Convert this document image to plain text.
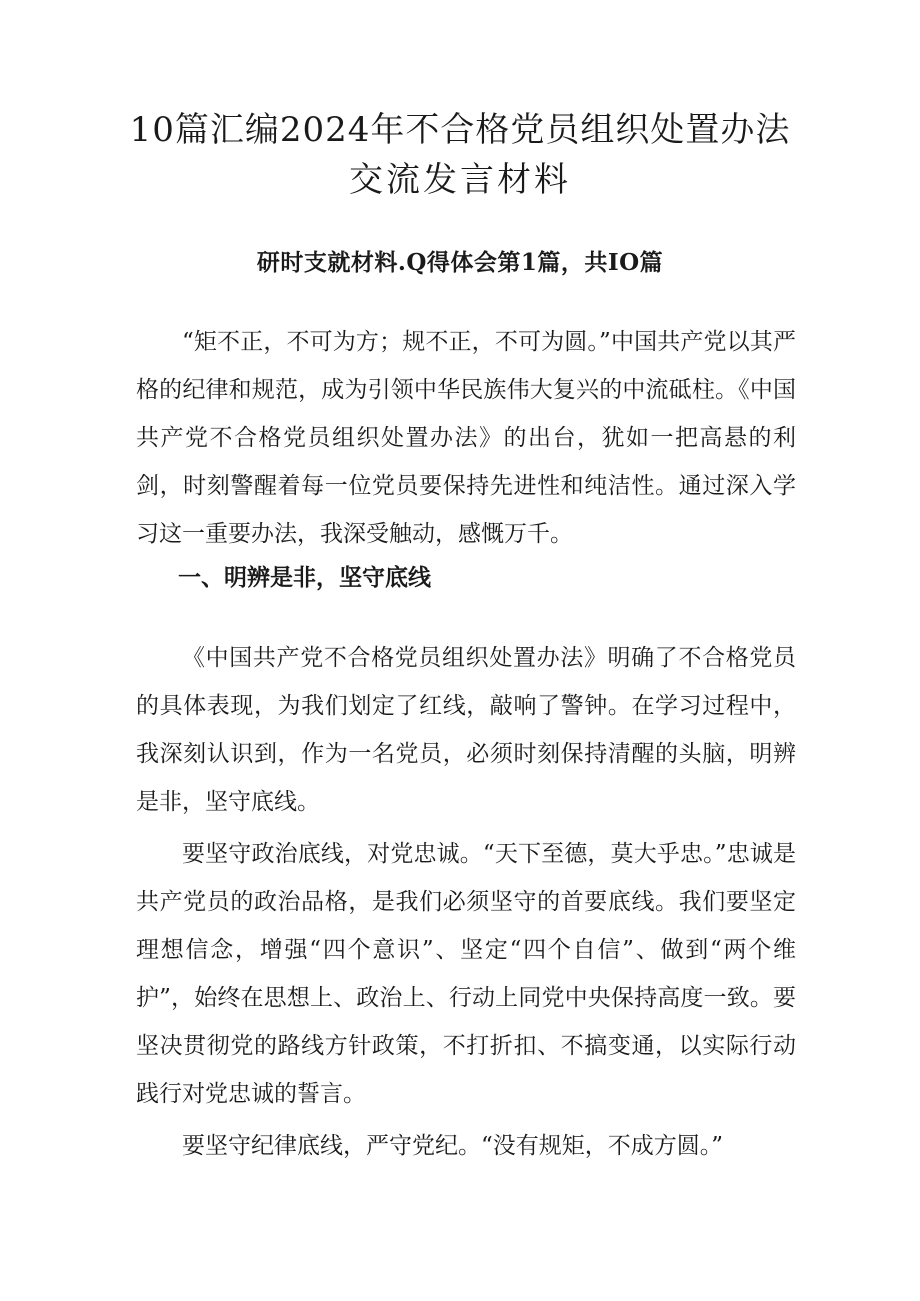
10篇汇编2024年不合格党员组织处置办法
交流发言材料
研时支就材料.Q得体会第1篇，共IO篇

“矩不正，不可为方；规不正，不可为圆。”中国共产党以其严格的纪律和规范，成为引领中华民族伟大复兴的中流砥柱。《中国共产党不合格党员组织处置办法》的出台，犹如一把高悬的利剑，时刻警醒着每一位党员要保持先进性和纯洁性。通过深入学习这一重要办法，我深受触动，感慨万千。

一、明辨是非，坚守底线

《中国共产党不合格党员组织处置办法》明确了不合格党员的具体表现，为我们划定了红线，敲响了警钟。在学习过程中，我深刻认识到，作为一名党员，必须时刻保持清醒的头脑，明辨是非，坚守底线。

要坚守政治底线，对党忠诚。“天下至德，莫大乎忠。”忠诚是共产党员的政治品格，是我们必须坚守的首要底线。我们要坚定理想信念，增强“四个意识”、坚定“四个自信”、做到“两个维护”，始终在思想上、政治上、行动上同党中央保持高度一致。要坚决贯彻党的路线方针政策，不打折扣、不搞变通，以实际行动践行对党忠诚的誓言。

要坚守纪律底线，严守党纪。“没有规矩，不成方圆。”
